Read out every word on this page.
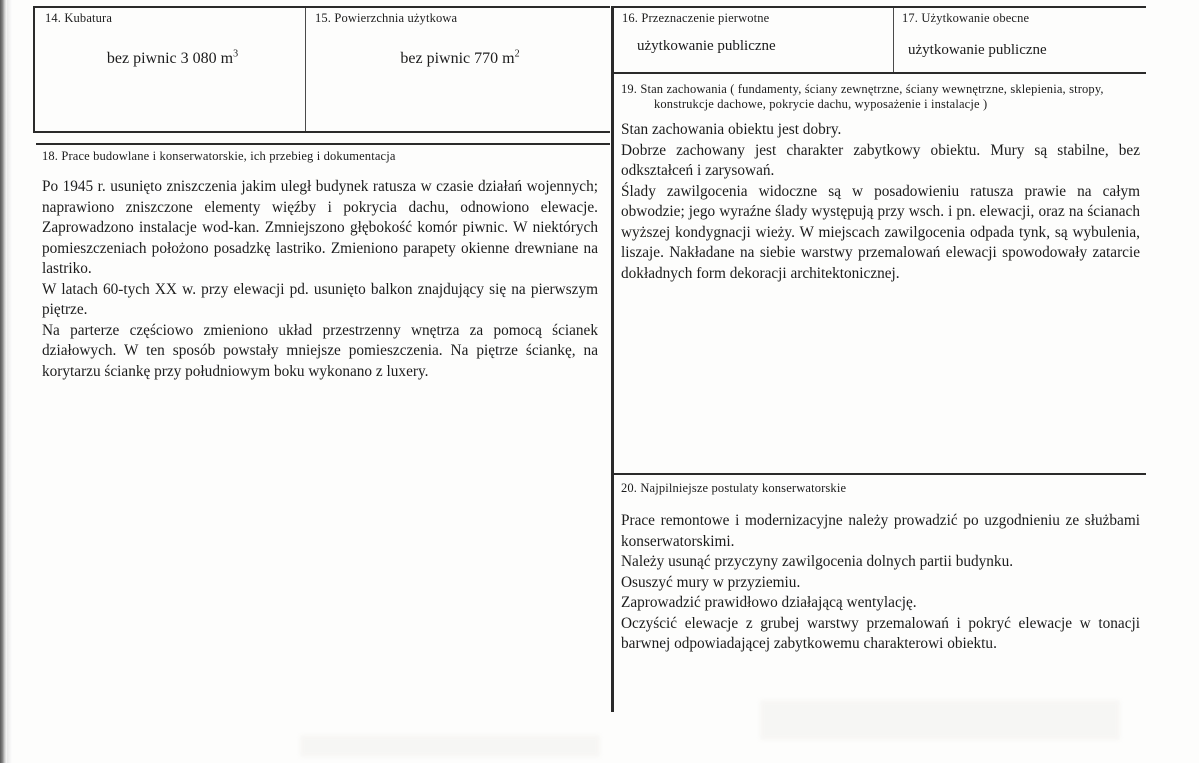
14. Kubatura
bez piwnic 3 080 $m^3$
15. Powierzchnia użytkowa
bez piwnic 770 $m^2$
16. Przeznaczenie pierwotne
użytkowanie publiczne
17. Użytkowanie obecne
użytkowanie publiczne
18. Prace budowlane i konserwatorskie, ich przebieg i dokumentacja

Po 1945 r. usunięto zniszczenia jakim uległ budynek ratusza w czasie działań wojennych; naprawiono zniszczone elementy więźby i pokrycia dachu, odnowiono elewacje. Zaprowadzono instalacje wod-kan. Zmniejszono głębokość komór piwnic. W niektórych pomieszczeniach położono posadzkę lastriko. Zmieniono parapety okienne drewniane na lastriko.

W latach 60-tych XX w. przy elewacji pd. usunięto balkon znajdujący się na pierwszym piętrze.

Na parterze częściowo zmieniono układ przestrzenny wnętrza za pomocą ścianek działowych. W ten sposób powstały mniejsze pomieszczenia. Na piętrze ściankę, na korytarzu ściankę przy południowym boku wykonano z luxery.

19. Stan zachowania ( fundamenty, ściany zewnętrzne, ściany wewnętrzne, sklepienia, stropy,
konstrukcje dachowe, pokrycie dachu, wyposażenie i instalacje )

Stan zachowania obiektu jest dobry.

Dobrze zachowany jest charakter zabytkowy obiektu. Mury są stabilne, bez odkształceń i zarysowań.

Ślady zawilgocenia widoczne są w posadowieniu ratusza prawie na całym obwodzie; jego wyraźne ślady występują przy wsch. i pn. elewacji, oraz na ścianach wyższej kondygnacji wieży. W miejscach zawilgocenia odpada tynk, są wybulenia, liszaje. Nakładane na siebie warstwy przemalowań elewacji spowodowały zatarcie dokładnych form dekoracji architektonicznej.

20. Najpilniejsze postulaty konserwatorskie

Prace remontowe i modernizacyjne należy prowadzić po uzgodnieniu ze służbami konserwatorskimi.

Należy usunąć przyczyny zawilgocenia dolnych partii budynku.

Osuszyć mury w przyziemiu.

Zaprowadzić prawidłowo działającą wentylację.

Oczyścić elewacje z grubej warstwy przemalowań i pokryć elewacje w tonacji barwnej odpowiadającej zabytkowemu charakterowi obiektu.
